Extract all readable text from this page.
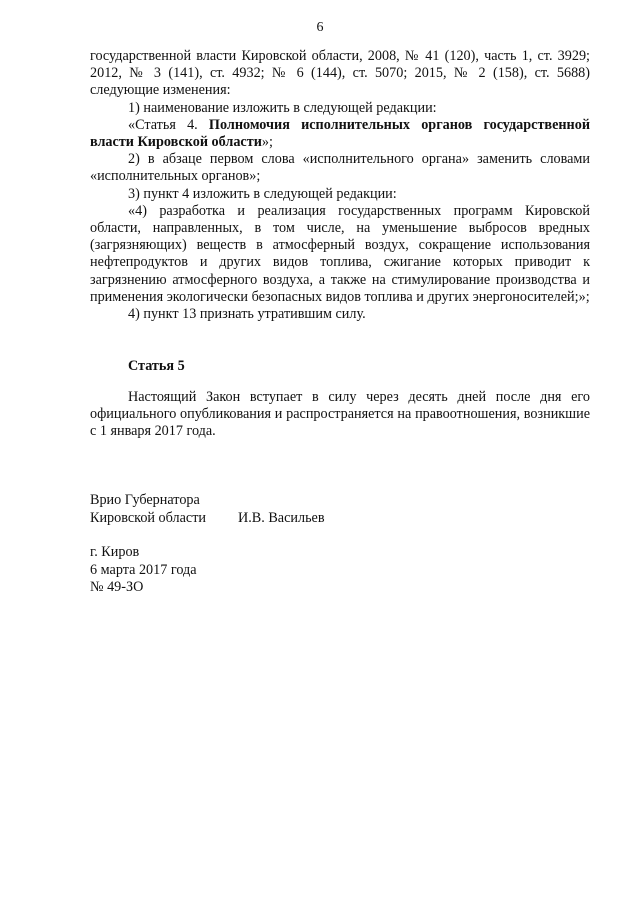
6

государственной власти Кировской области, 2008, № 41 (120), часть 1, ст. 3929; 2012, № 3 (141), ст. 4932; № 6 (144), ст. 5070; 2015, № 2 (158), ст. 5688) следующие изменения:

1) наименование изложить в следующей редакции:

«Статья 4. Полномочия исполнительных органов государственной власти Кировской области»;

2) в абзаце первом слова «исполнительного органа» заменить словами «исполнительных органов»;

3) пункт 4 изложить в следующей редакции:

«4) разработка и реализация государственных программ Кировской области, направленных, в том числе, на уменьшение выбросов вредных (загрязняющих) веществ в атмосферный воздух, сокращение использования нефтепродуктов и других видов топлива, сжигание которых приводит к загрязнению атмосферного воздуха, а также на стимулирование производства и применения экологически безопасных видов топлива и других энергоносителей;»;

4) пункт 13 признать утратившим силу.

Статья 5

Настоящий Закон вступает в силу через десять дней после дня его официального опубликования и распространяется на правоотношения, возникшие с 1 января 2017 года.

Врио Губернатора
Кировской области	И.В. Васильев
г. Киров
6 марта 2017 года
№ 49-ЗО
